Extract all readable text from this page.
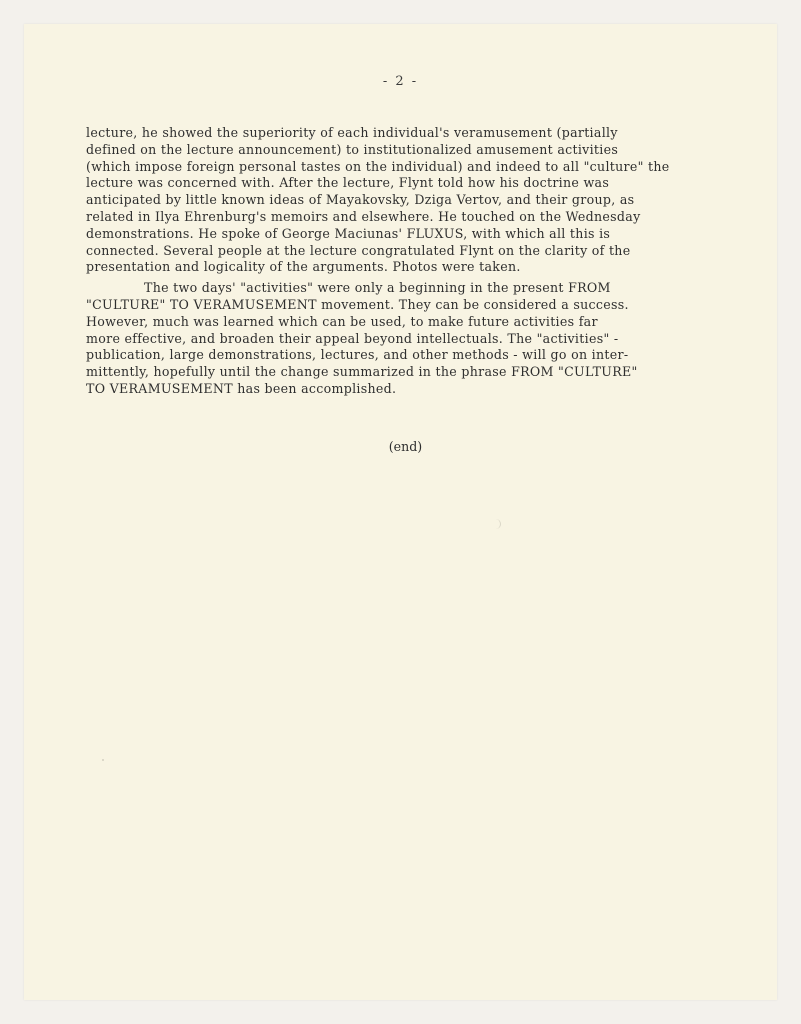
- 2 -
lecture, he showed the superiority of each individual's veramusement (partially
defined on the lecture announcement) to institutionalized amusement activities
(which impose foreign personal tastes on the individual) and indeed to all "culture" the
lecture was concerned with. After the lecture, Flynt told how his doctrine was
anticipated by little known ideas of Mayakovsky, Dziga Vertov, and their group, as
related in Ilya Ehrenburg's memoirs and elsewhere. He touched on the Wednesday
demonstrations. He spoke of George Maciunas' FLUXUS, with which all this is
connected. Several people at the lecture congratulated Flynt on the clarity of the
presentation and logicality of the arguments. Photos were taken.
The two days' "activities" were only a beginning in the present FROM
"CULTURE" TO VERAMUSEMENT movement. They can be considered a success.
However, much was learned which can be used, to make future activities far
more effective, and broaden their appeal beyond intellectuals. The "activities" -
publication, large demonstrations, lectures, and other methods - will go on inter-
mittently, hopefully until the change summarized in the phrase FROM "CULTURE"
TO VERAMUSEMENT has been accomplished.
(end)
